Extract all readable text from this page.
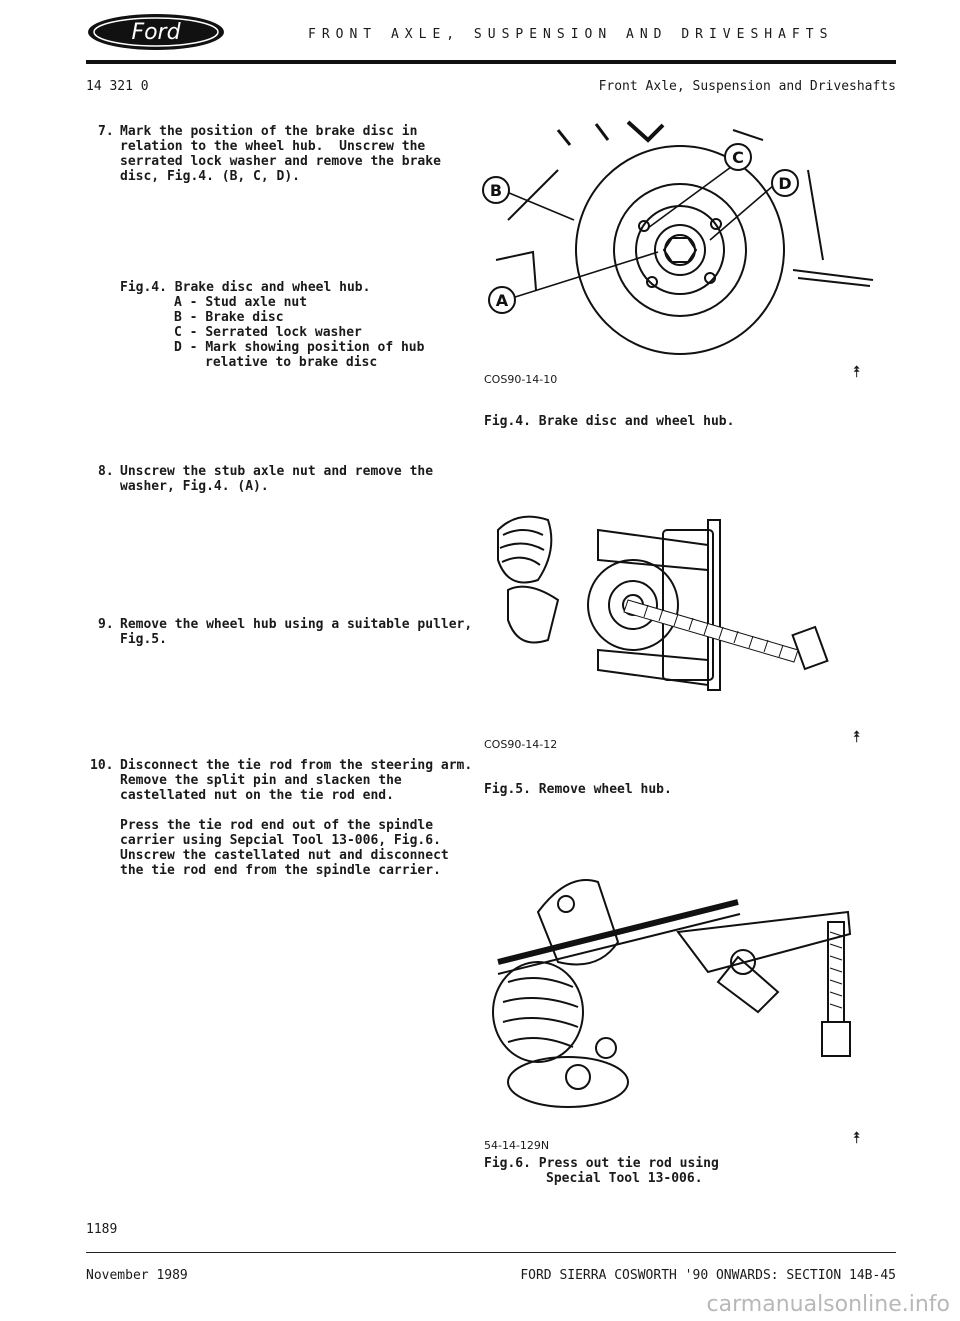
Ford	FRONT AXLE, SUSPENSION AND DRIVESHAFTS
14 321 0	Front Axle, Suspension and Driveshafts
7. Mark the position of the brake disc in
relation to the wheel hub.  Unscrew the
serrated lock washer and remove the brake
disc, Fig.4. (B, C, D).
Fig.4. Brake disc and wheel hub.
A - Stud axle nut
B - Brake disc
C - Serrated lock washer
D - Mark showing position of hub
relative to brake disc
8. Unscrew the stub axle nut and remove the
washer, Fig.4. (A).
9. Remove the wheel hub using a suitable puller,
Fig.5.
10. Disconnect the tie rod from the steering arm.
Remove the split pin and slacken the
castellated nut on the tie rod end.
Press the tie rod end out of the spindle
carrier using Sepcial Tool 13-006, Fig.6.
Unscrew the castellated nut and disconnect
the tie rod end from the spindle carrier.
B
C
D
A
COS90-14-10	⯭
Fig.4. Brake disc and wheel hub.
COS90-14-12	⯭
Fig.5. Remove wheel hub.
54-14-129N	⯭
Fig.6. Press out tie rod using
Special Tool 13-006.
1189
November 1989	FORD SIERRA COSWORTH '90 ONWARDS: SECTION 14B-45
carmanualsonline.info
